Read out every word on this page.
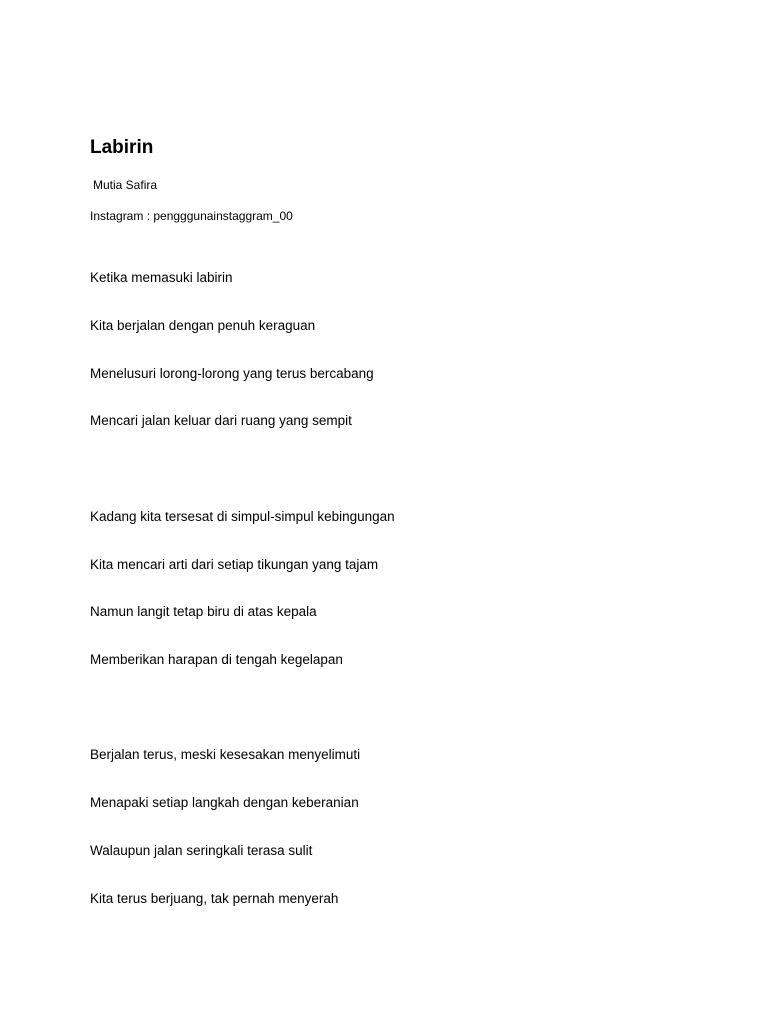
Labirin

Mutia Safira

Instagram : pengggunainstaggram_00

Ketika memasuki labirin

Kita berjalan dengan penuh keraguan

Menelusuri lorong-lorong yang terus bercabang

Mencari jalan keluar dari ruang yang sempit

Kadang kita tersesat di simpul-simpul kebingungan

Kita mencari arti dari setiap tikungan yang tajam

Namun langit tetap biru di atas kepala

Memberikan harapan di tengah kegelapan

Berjalan terus, meski kesesakan menyelimuti

Menapaki setiap langkah dengan keberanian

Walaupun jalan seringkali terasa sulit

Kita terus berjuang, tak pernah menyerah
